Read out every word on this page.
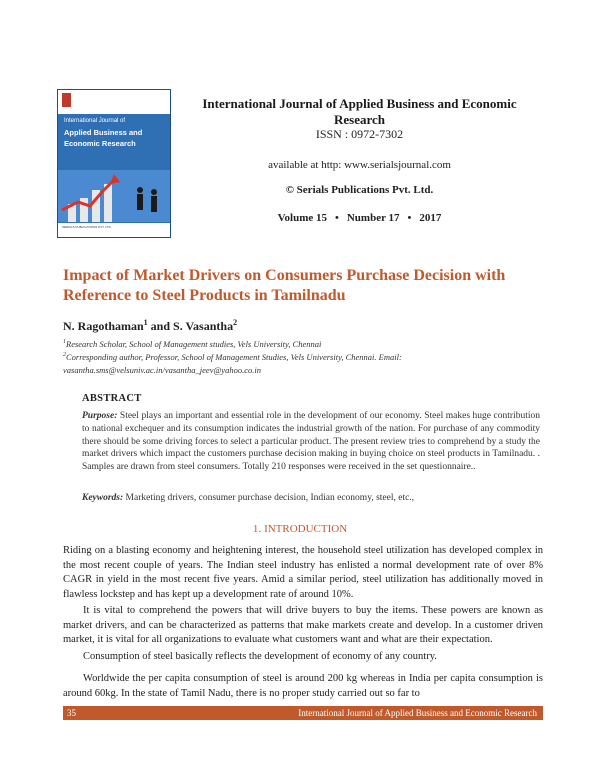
International Journal of
Applied Business and Economic Research
SERIALS PUBLICATIONS PVT. LTD.
International Journal of Applied Business and Economic Research
ISSN : 0972-7302
available at http: www.serialsjournal.com
© Serials Publications Pvt. Ltd.
Volume 15 • Number 17 • 2017
Impact of Market Drivers on Consumers Purchase Decision with Reference to Steel Products in Tamilnadu
N. Ragothaman$^1$ and S. Vasantha$^2$
$^1$Research Scholar, School of Management studies, Vels University, Chennai
$^2$Corresponding author, Professor, School of Management Studies, Vels University, Chennai. Email: vasantha.sms@velsuniv.ac.in/vasantha_jeev@yahoo.co.in
ABSTRACT
Purpose: Steel plays an important and essential role in the development of our economy. Steel makes huge contribution to national exchequer and its consumption indicates the industrial growth of the nation. For purchase of any commodity there should be some driving forces to select a particular product. The present review tries to comprehend by a study the market drivers which impact the customers purchase decision making in buying choice on steel products in Tamilnadu. . Samples are drawn from steel consumers. Totally 210 responses were received in the set questionnaire..
Keywords: Marketing drivers, consumer purchase decision, Indian economy, steel, etc.,
1. INTRODUCTION
Riding on a blasting economy and heightening interest, the household steel utilization has developed complex in the most recent couple of years. The Indian steel industry has enlisted a normal development rate of over 8% CAGR in yield in the most recent five years. Amid a similar period, steel utilization has additionally moved in flawless lockstep and has kept up a development rate of around 10%.
It is vital to comprehend the powers that will drive buyers to buy the items. These powers are known as market drivers, and can be characterized as patterns that make markets create and develop. In a customer driven market, it is vital for all organizations to evaluate what customers want and what are their expectation.
Consumption of steel basically reflects the development of economy of any country.
Worldwide the per capita consumption of steel is around 200 kg whereas in India per capita consumption is around 60kg. In the state of Tamil Nadu, there is no proper study carried out so far to
35	International Journal of Applied Business and Economic Research
